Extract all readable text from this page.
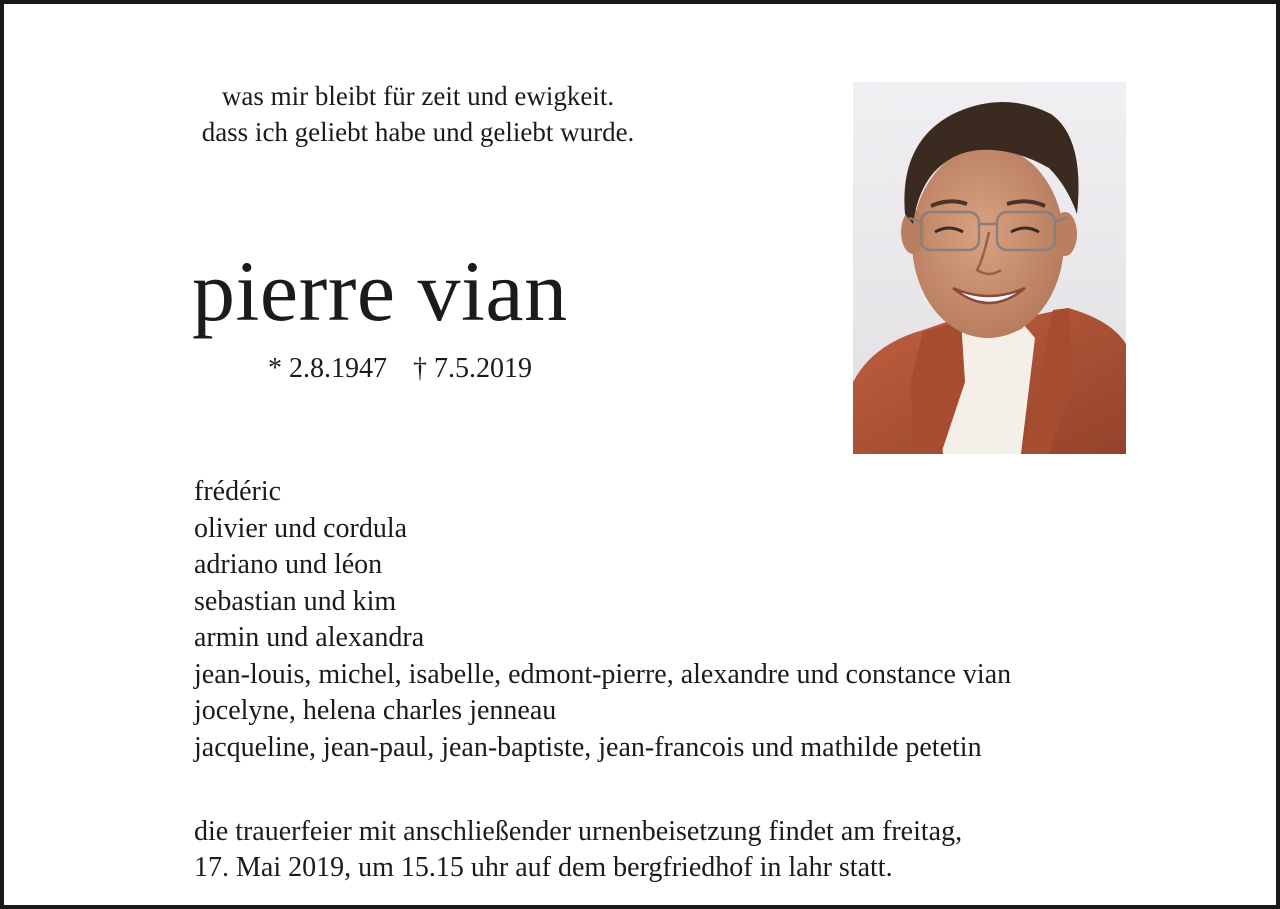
was mir bleibt für zeit und ewigkeit.
dass ich geliebt habe und geliebt wurde.
pierre vian
* 2.8.1947 † 7.5.2019
frédéric
olivier und cordula
adriano und léon
sebastian und kim
armin und alexandra
jean-louis, michel, isabelle, edmont-pierre, alexandre und constance vian
jocelyne, helena charles jenneau
jacqueline, jean-paul, jean-baptiste, jean-francois und mathilde petetin
die trauerfeier mit anschließender urnenbeisetzung findet am freitag,
17. Mai 2019, um 15.15 uhr auf dem bergfriedhof in lahr statt.
